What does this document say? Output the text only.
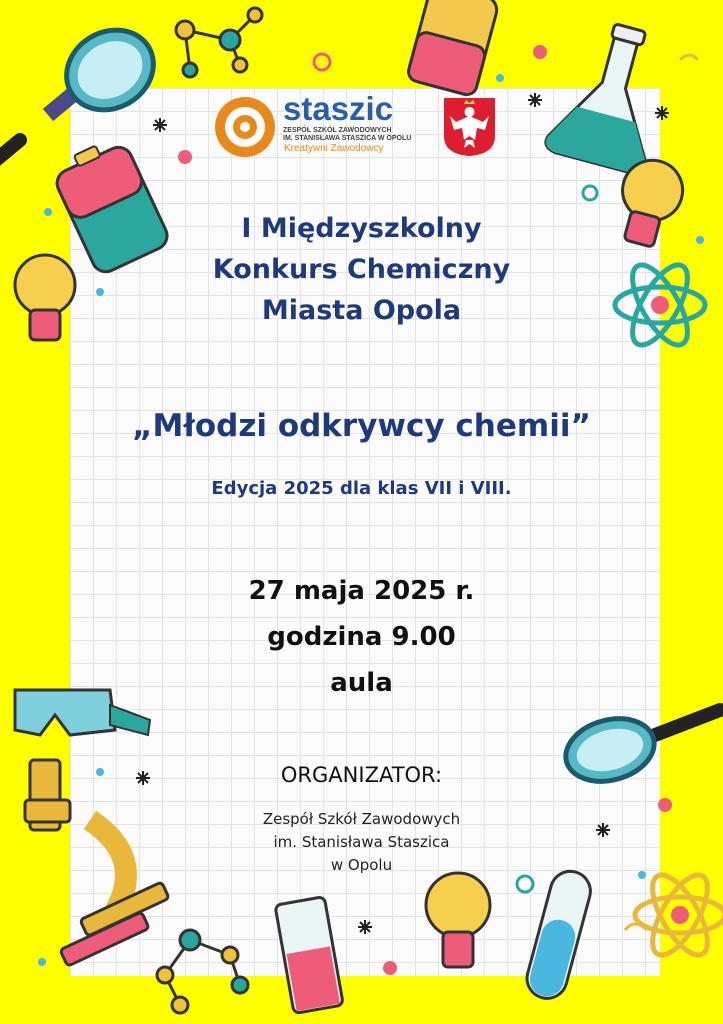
staszic
ZESPÓŁ SZKÓŁ ZAWODOWYCH
IM. STANISŁAWA STASZICA W OPOLU
Kreatywni Zawodowcy
I Międzyszkolny
Konkurs Chemiczny
Miasta Opola
„Młodzi odkrywcy chemii”
Edycja 2025 dla klas VII i VIII.
27 maja 2025 r.
godzina 9.00
aula
ORGANIZATOR:
Zespół Szkół Zawodowych
im. Stanisława Staszica
w Opolu
